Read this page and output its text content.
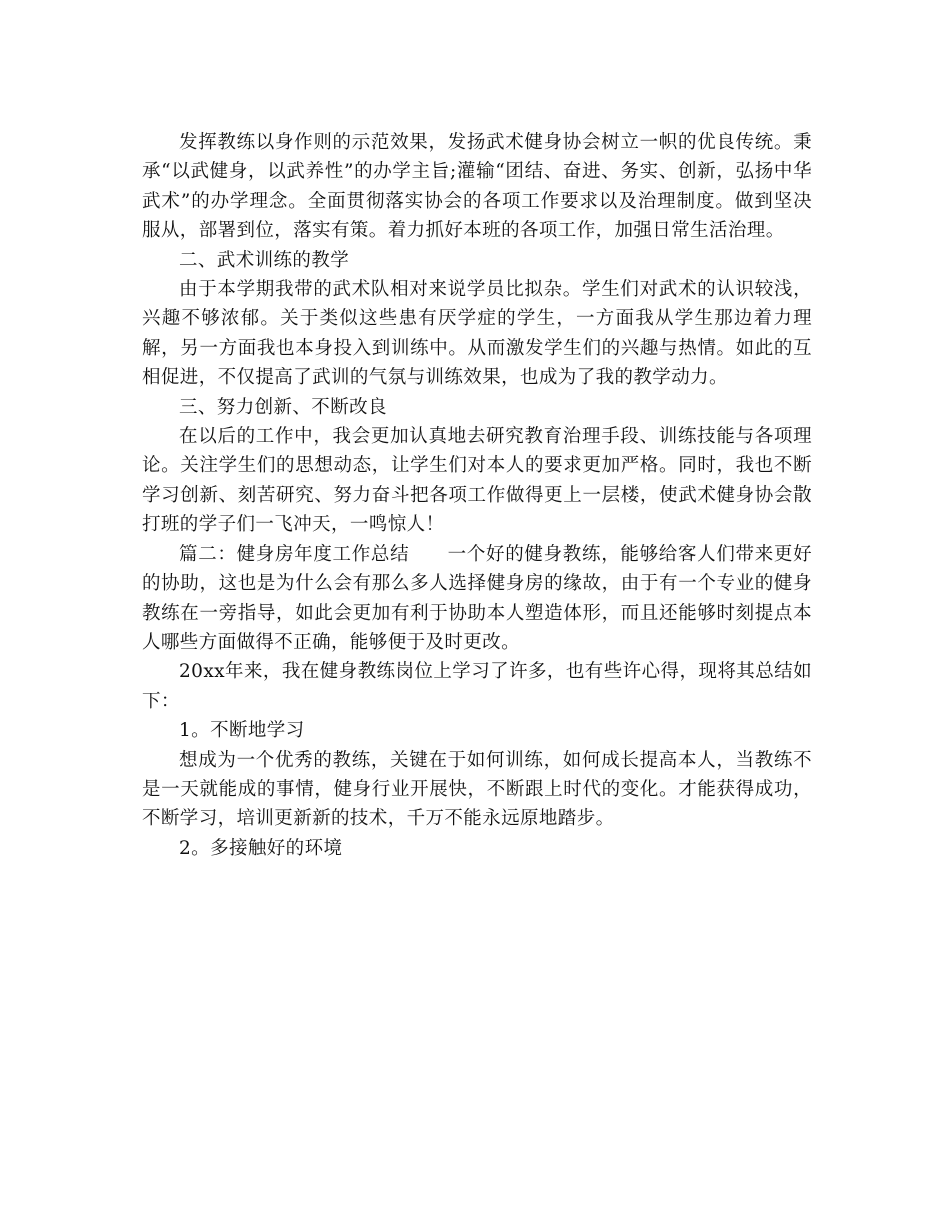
发挥教练以身作则的示范效果，发扬武术健身协会树立一帜的优良传统。秉承“以武健身，以武养性”的办学主旨;灌输“团结、奋进、务实、创新，弘扬中华武术”的办学理念。全面贯彻落实协会的各项工作要求以及治理制度。做到坚决服从，部署到位，落实有策。着力抓好本班的各项工作，加强日常生活治理。

二、武术训练的教学

由于本学期我带的武术队相对来说学员比拟杂。学生们对武术的认识较浅，兴趣不够浓郁。关于类似这些患有厌学症的学生，一方面我从学生那边着力理解，另一方面我也本身投入到训练中。从而激发学生们的兴趣与热情。如此的互相促进，不仅提高了武训的气氛与训练效果，也成为了我的教学动力。

三、努力创新、不断改良

在以后的工作中，我会更加认真地去研究教育治理手段、训练技能与各项理论。关注学生们的思想动态，让学生们对本人的要求更加严格。同时，我也不断学习创新、刻苦研究、努力奋斗把各项工作做得更上一层楼，使武术健身协会散打班的学子们一飞冲天，一鸣惊人！

篇二：健身房年度工作总结　　一个好的健身教练，能够给客人们带来更好的协助，这也是为什么会有那么多人选择健身房的缘故，由于有一个专业的健身教练在一旁指导，如此会更加有利于协助本人塑造体形，而且还能够时刻提点本人哪些方面做得不正确，能够便于及时更改。

20xx年来，我在健身教练岗位上学习了许多，也有些许心得，现将其总结如下：

1。不断地学习

想成为一个优秀的教练，关键在于如何训练，如何成长提高本人，当教练不是一天就能成的事情，健身行业开展快，不断跟上时代的变化。才能获得成功，不断学习，培训更新新的技术，千万不能永远原地踏步。

2。多接触好的环境
